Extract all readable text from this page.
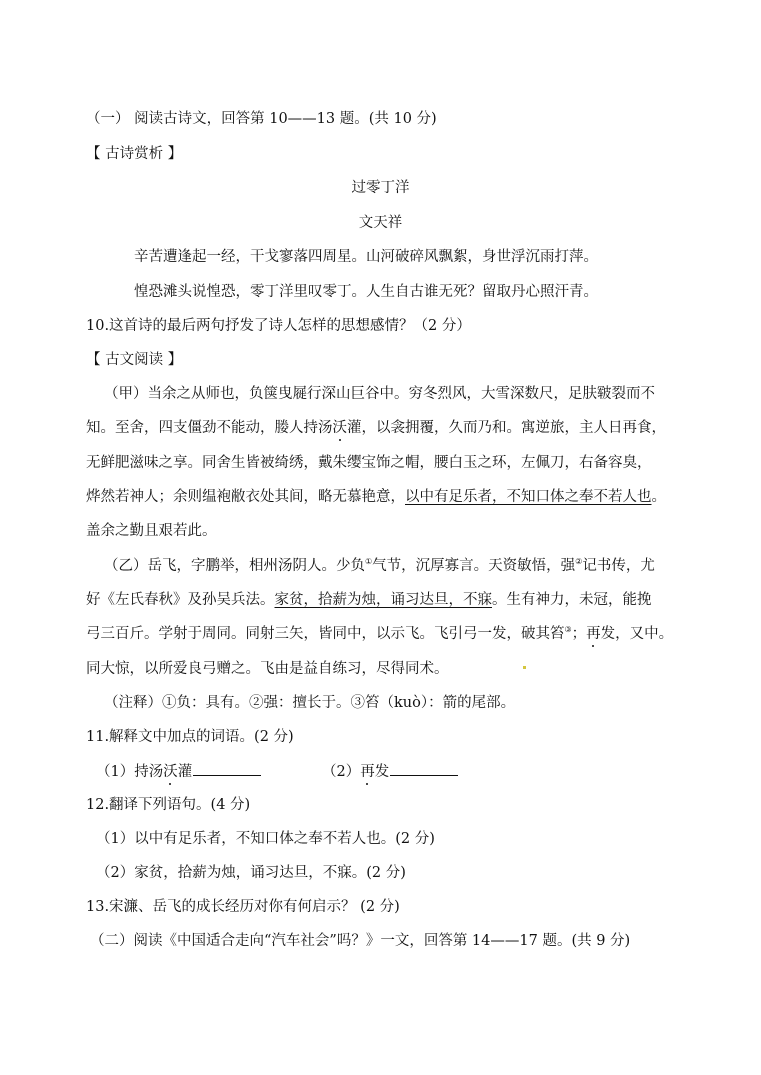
（一） 阅读古诗文，回答第 10——13 题。(共 10 分)
【 古诗赏析 】
过零丁洋
文天祥
辛苦遭逢起一经，干戈寥落四周星。山河破碎风飘絮，身世浮沉雨打萍。
惶恐滩头说惶恐，零丁洋里叹零丁。人生自古谁无死？留取丹心照汗青。
10.这首诗的最后两句抒发了诗人怎样的思想感情？（2 分）
【 古文阅读 】
（甲）当余之从师也，负箧曳屣行深山巨谷中。穷冬烈风，大雪深数尺，足肤皲裂而不
知。至舍，四支僵劲不能动，媵人持汤沃灌，以衾拥覆，久而乃和。寓逆旅，主人日再食，
无鲜肥滋味之享。同舍生皆被绮绣，戴朱缨宝饰之帽，腰白玉之环，左佩刀，右备容臭，
烨然若神人；余则缊袍敝衣处其间，略无慕艳意，以中有足乐者，不知口体之奉不若人也。
盖余之勤且艰若此。
（乙）岳飞，字鹏举，相州汤阴人。少负①气节，沉厚寡言。天资敏悟，强②记书传，尤
好《左氏春秋》及孙吴兵法。家贫，拾薪为烛，诵习达旦，不寐。生有神力，未冠，能挽
弓三百斤。学射于周同。同射三矢，皆同中，以示飞。飞引弓一发，破其笞③；再发，又中。
同大惊，以所爱良弓赠之。飞由是益自练习，尽得同术。
（注释）①负：具有。②强：擅长于。③笞（kuò）：箭的尾部。
11.解释文中加点的词语。(2 分)
（1）持汤沃灌	（2）再发
12.翻译下列语句。(4 分)
（1）以中有足乐者，不知口体之奉不若人也。(2 分)
（2）家贫，拾薪为烛，诵习达旦，不寐。(2 分)
13.宋濂、岳飞的成长经历对你有何启示？ (2 分)
（二）阅读《中国适合走向“汽车社会”吗？》一文，回答第 14——17 题。(共 9 分)
